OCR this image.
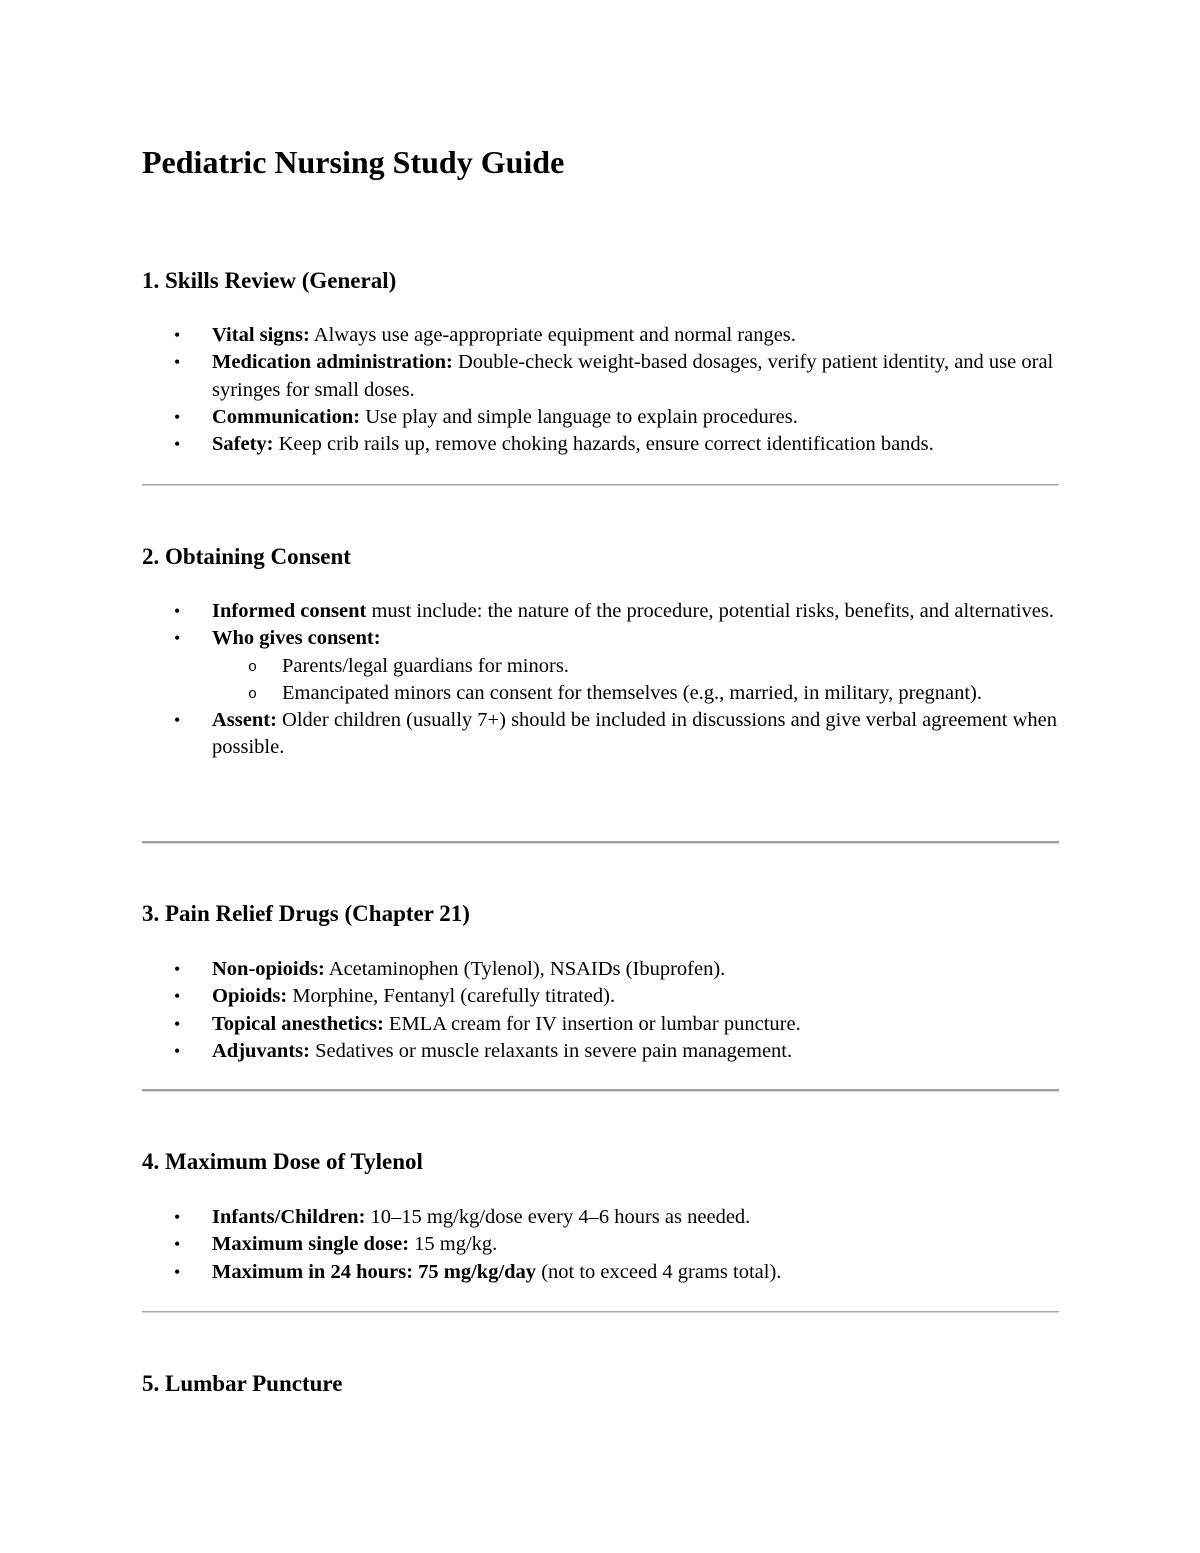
Pediatric Nursing Study Guide
1. Skills Review (General)
• Vital signs: Always use age-appropriate equipment and normal ranges.
• Medication administration: Double-check weight-based dosages, verify patient identity, and use oral syringes for small doses.
• Communication: Use play and simple language to explain procedures.
• Safety: Keep crib rails up, remove choking hazards, ensure correct identification bands.
2. Obtaining Consent
• Informed consent must include: the nature of the procedure, potential risks, benefits, and alternatives.
• Who gives consent:
o Parents/legal guardians for minors.
o Emancipated minors can consent for themselves (e.g., married, in military, pregnant).
• Assent: Older children (usually 7+) should be included in discussions and give verbal agreement when possible.
3. Pain Relief Drugs (Chapter 21)
• Non-opioids: Acetaminophen (Tylenol), NSAIDs (Ibuprofen).
• Opioids: Morphine, Fentanyl (carefully titrated).
• Topical anesthetics: EMLA cream for IV insertion or lumbar puncture.
• Adjuvants: Sedatives or muscle relaxants in severe pain management.
4. Maximum Dose of Tylenol
• Infants/Children: 10–15 mg/kg/dose every 4–6 hours as needed.
• Maximum single dose: 15 mg/kg.
• Maximum in 24 hours: 75 mg/kg/day (not to exceed 4 grams total).
5. Lumbar Puncture
